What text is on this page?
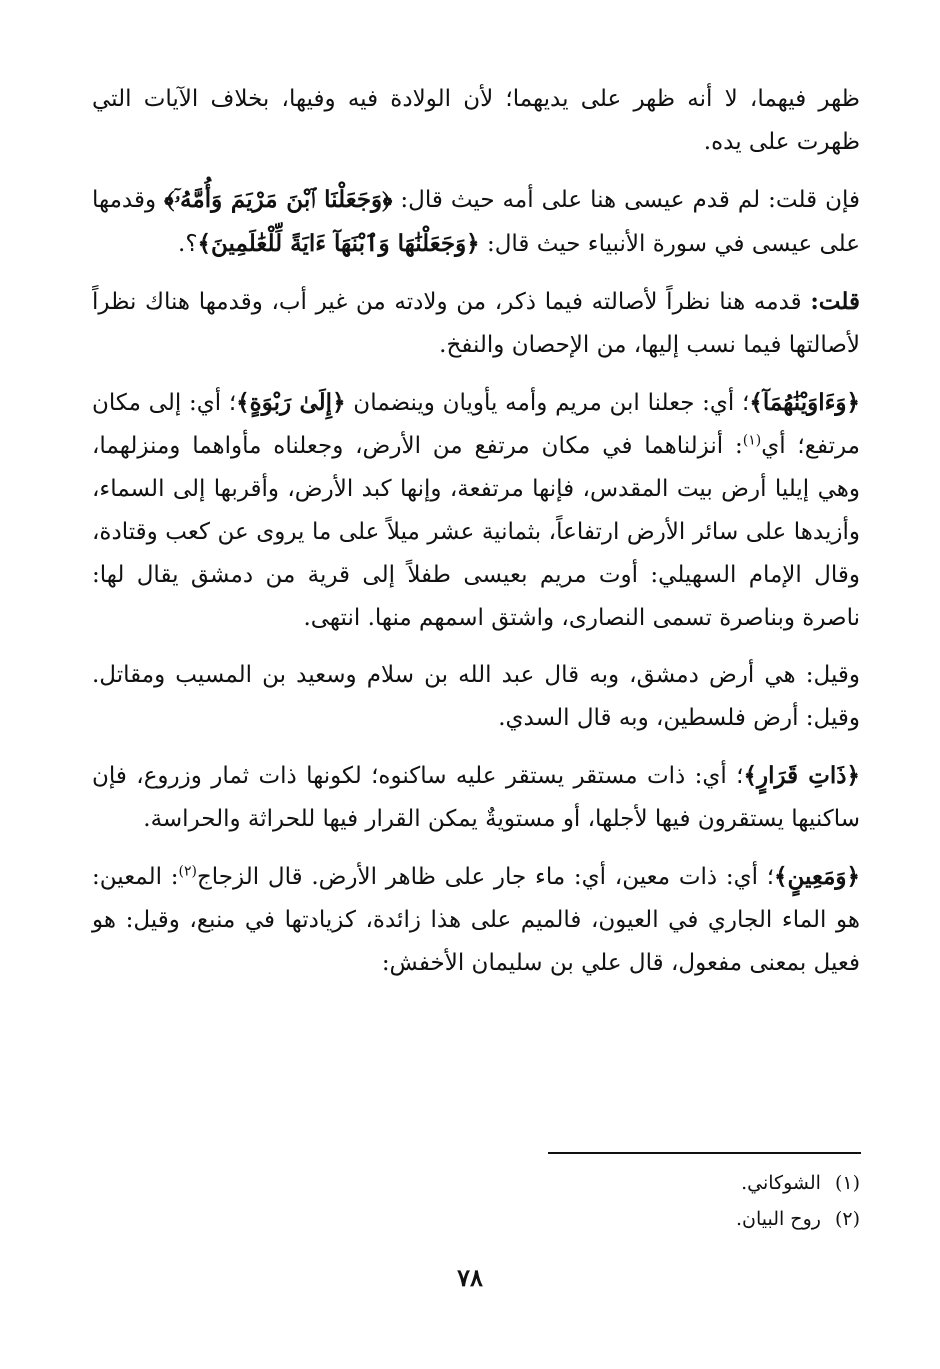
ظهر فيهما، لا أنه ظهر على يديهما؛ لأن الولادة فيه وفيها، بخلاف الآيات التي ظهرت على يده.

فإن قلت: لم قدم عيسى هنا على أمه حيث قال: ﴿وَجَعَلْنَا ٱبْنَ مَرْيَمَ وَأُمَّهُۥٓ﴾ وقدمها على عيسى في سورة الأنبياء حيث قال: ﴿وَجَعَلْنَٰهَا وَٱبْنَهَآ ءَايَةً لِّلْعَٰلَمِينَ﴾؟.

قلت: قدمه هنا نظراً لأصالته فيما ذكر، من ولادته من غير أب، وقدمها هناك نظراً لأصالتها فيما نسب إليها، من الإحصان والنفخ.

﴿وَءَاوَيْنَٰهُمَآ﴾؛ أي: جعلنا ابن مريم وأمه يأويان وينضمان ﴿إِلَىٰ رَبْوَةٍ﴾؛ أي: إلى مكان مرتفع؛ أي$^{(١)}$: أنزلناهما في مكان مرتفع من الأرض، وجعلناه مأواهما ومنزلهما، وهي إيليا أرض بيت المقدس، فإنها مرتفعة، وإنها كبد الأرض، وأقربها إلى السماء، وأزيدها على سائر الأرض ارتفاعاً، بثمانية عشر ميلاً على ما يروى عن كعب وقتادة، وقال الإمام السهيلي: أوت مريم بعيسى طفلاً إلى قرية من دمشق يقال لها: ناصرة وبناصرة تسمى النصارى، واشتق اسمهم منها. انتهى.

وقيل: هي أرض دمشق، وبه قال عبد الله بن سلام وسعيد بن المسيب ومقاتل. وقيل: أرض فلسطين، وبه قال السدي.

﴿ذَاتِ قَرَارٍ﴾؛ أي: ذات مستقر يستقر عليه ساكنوه؛ لكونها ذات ثمار وزروع، فإن ساكنيها يستقرون فيها لأجلها، أو مستويةٌ يمكن القرار فيها للحراثة والحراسة.

﴿وَمَعِينٍ﴾؛ أي: ذات معين، أي: ماء جار على ظاهر الأرض. قال الزجاج$^{(٢)}$: المعين: هو الماء الجاري في العيون، فالميم على هذا زائدة، كزيادتها في منبع، وقيل: هو فعيل بمعنى مفعول، قال علي بن سليمان الأخفش:

(١)الشوكاني.
(٢)روح البيان.
٧٨
